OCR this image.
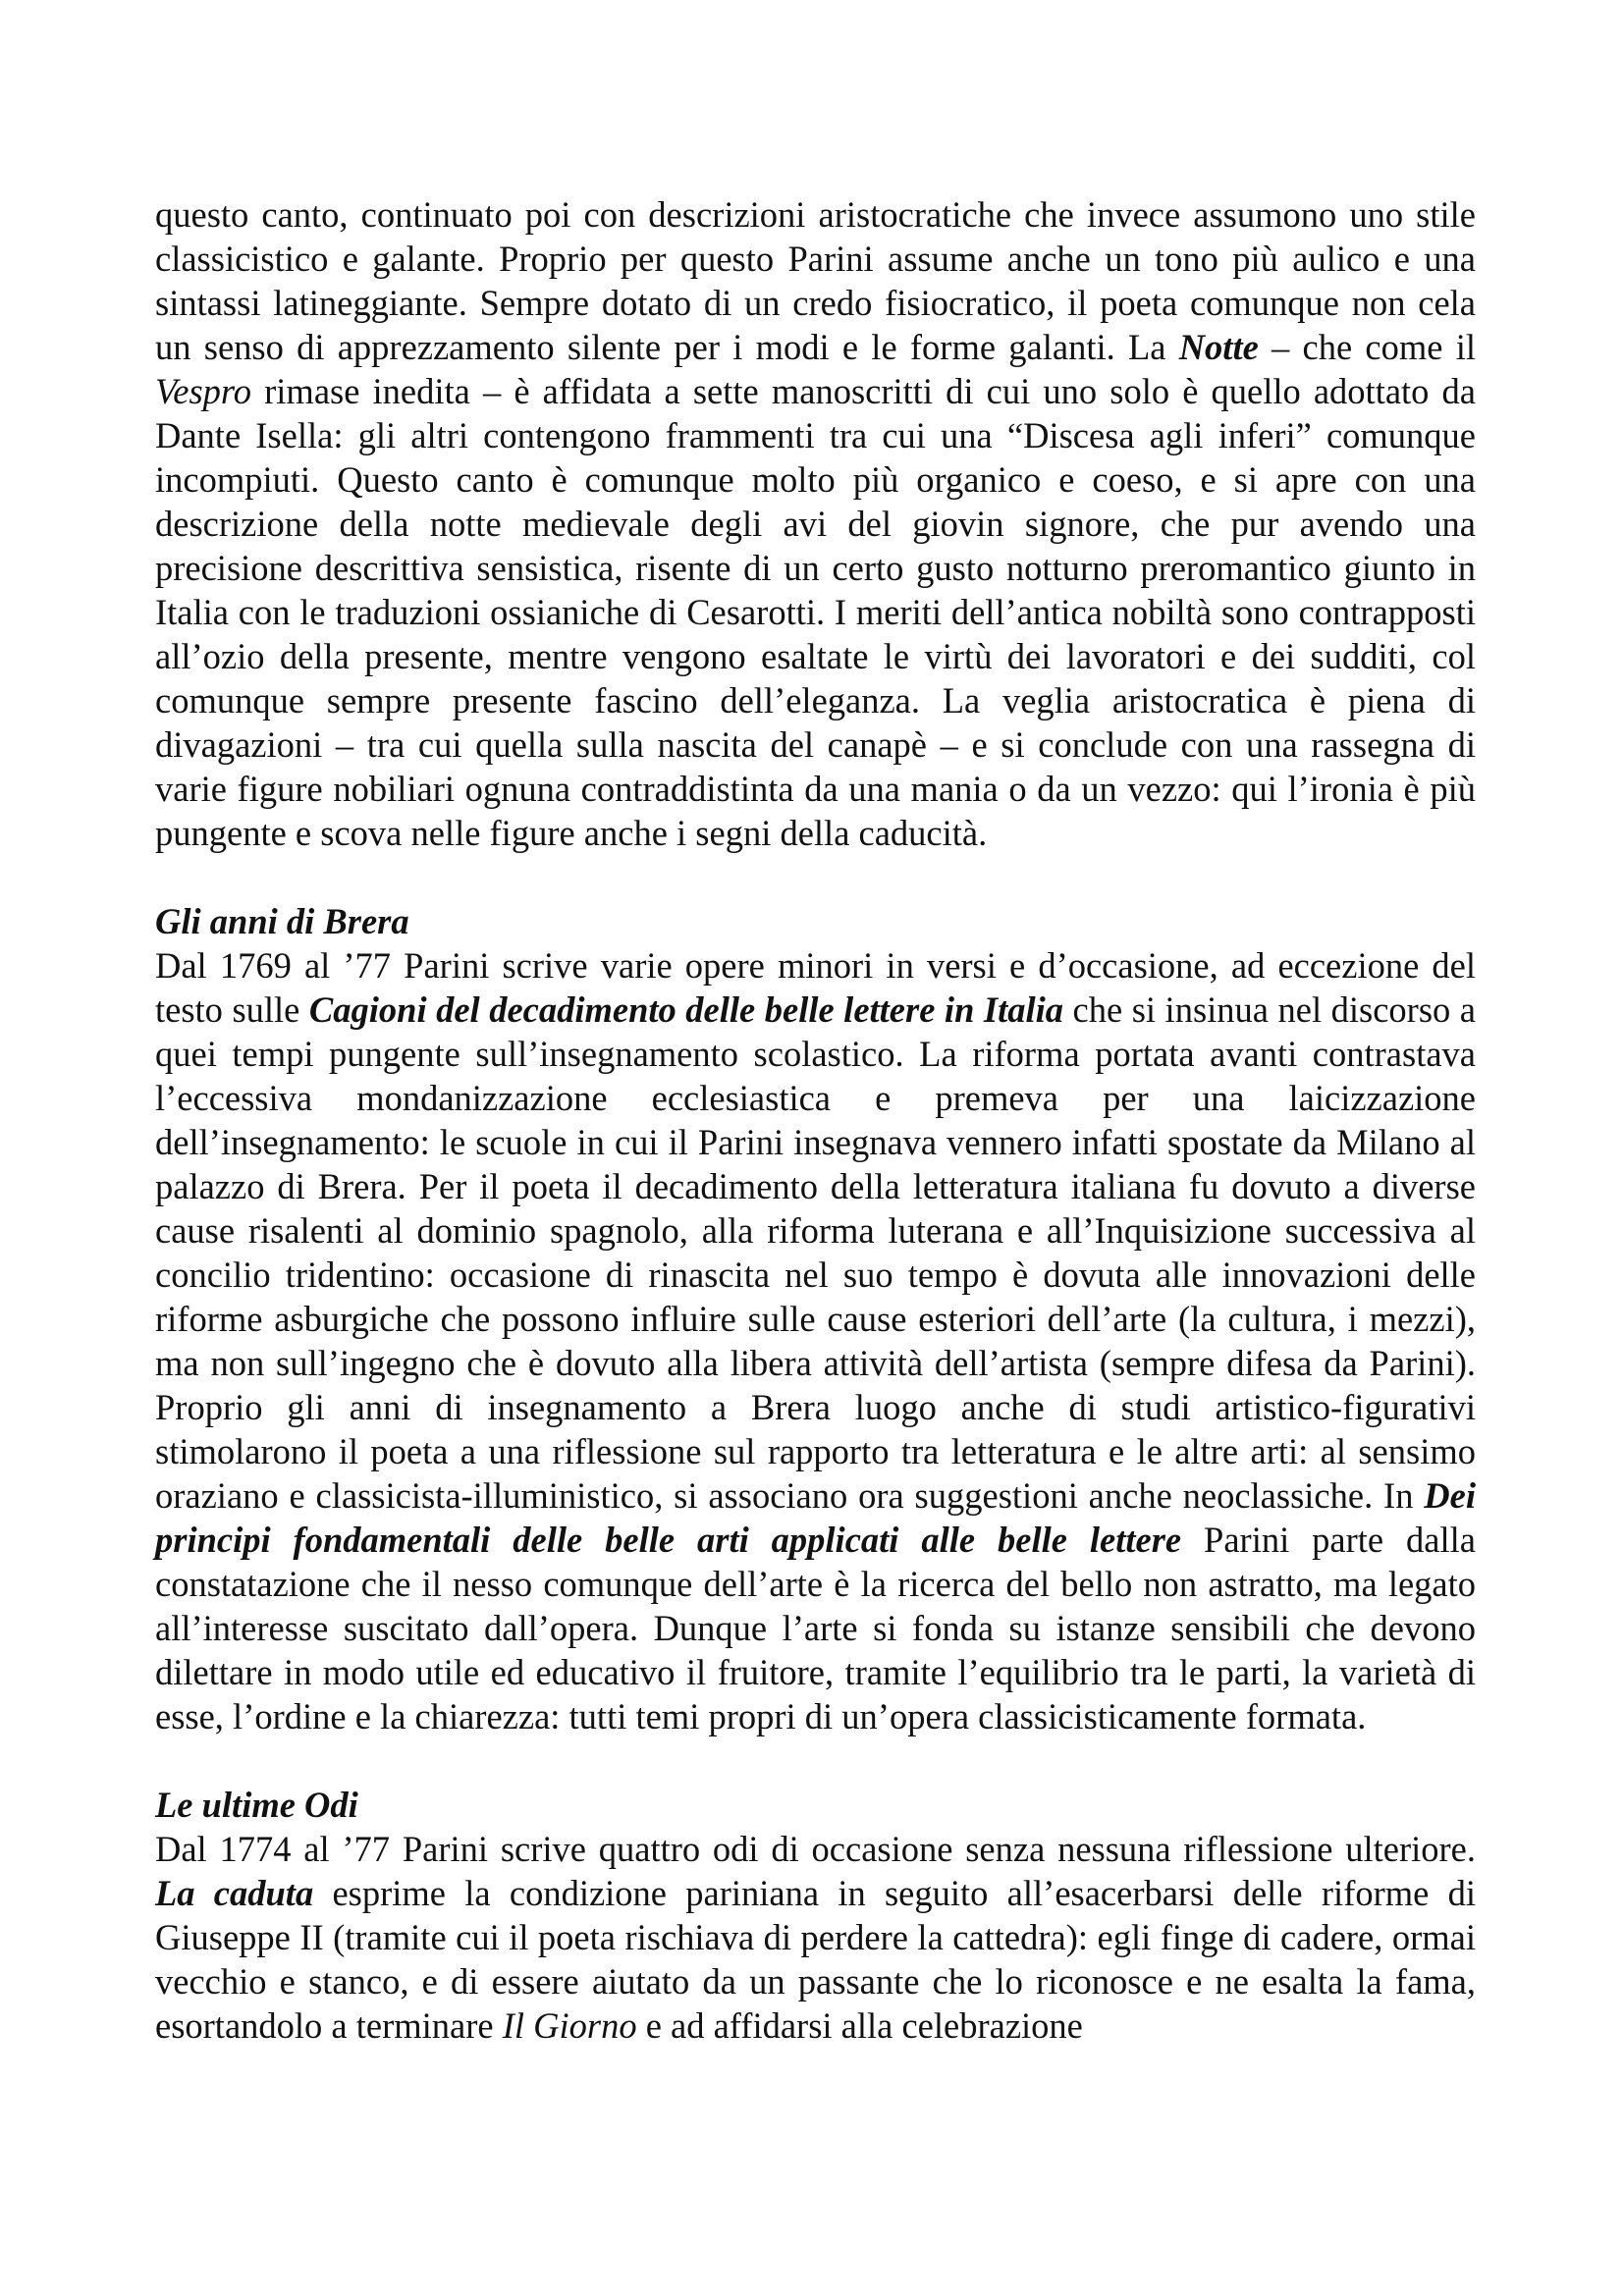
questo canto, continuato poi con descrizioni aristocratiche che invece assumono uno stile classicistico e galante. Proprio per questo Parini assume anche un tono più aulico e una sintassi latineggiante. Sempre dotato di un credo fisiocratico, il poeta comunque non cela un senso di apprezzamento silente per i modi e le forme galanti. La Notte – che come il Vespro rimase inedita – è affidata a sette manoscritti di cui uno solo è quello adottato da Dante Isella: gli altri contengono frammenti tra cui una “Discesa agli inferi” comunque incompiuti. Questo canto è comunque molto più organico e coeso, e si apre con una descrizione della notte medievale degli avi del giovin signore, che pur avendo una precisione descrittiva sensistica, risente di un certo gusto notturno preromantico giunto in Italia con le traduzioni ossianiche di Cesarotti. I meriti dell’antica nobiltà sono contrapposti all’ozio della presente, mentre vengono esaltate le virtù dei lavoratori e dei sudditi, col comunque sempre presente fascino dell’eleganza. La veglia aristocratica è piena di divagazioni – tra cui quella sulla nascita del canapè – e si conclude con una rassegna di varie figure nobiliari ognuna contraddistinta da una mania o da un vezzo: qui l’ironia è più pungente e scova nelle figure anche i segni della caducità.

Gli anni di Brera

Dal 1769 al ’77 Parini scrive varie opere minori in versi e d’occasione, ad eccezione del testo sulle Cagioni del decadimento delle belle lettere in Italia che si insinua nel discorso a quei tempi pungente sull’insegnamento scolastico. La riforma portata avanti contrastava l’eccessiva mondanizzazione ecclesiastica e premeva per una laicizzazione dell’insegnamento: le scuole in cui il Parini insegnava vennero infatti spostate da Milano al palazzo di Brera. Per il poeta il decadimento della letteratura italiana fu dovuto a diverse cause risalenti al dominio spagnolo, alla riforma luterana e all’Inquisizione successiva al concilio tridentino: occasione di rinascita nel suo tempo è dovuta alle innovazioni delle riforme asburgiche che possono influire sulle cause esteriori dell’arte (la cultura, i mezzi), ma non sull’ingegno che è dovuto alla libera attività dell’artista (sempre difesa da Parini). Proprio gli anni di insegnamento a Brera luogo anche di studi artistico-figurativi stimolarono il poeta a una riflessione sul rapporto tra letteratura e le altre arti: al sensimo oraziano e classicista-illuministico, si associano ora suggestioni anche neoclassiche. In Dei principi fondamentali delle belle arti applicati alle belle lettere Parini parte dalla constatazione che il nesso comunque dell’arte è la ricerca del bello non astratto, ma legato all’interesse suscitato dall’opera. Dunque l’arte si fonda su istanze sensibili che devono dilettare in modo utile ed educativo il fruitore, tramite l’equilibrio tra le parti, la varietà di esse, l’ordine e la chiarezza: tutti temi propri di un’opera classicisticamente formata.

Le ultime Odi

Dal 1774 al ’77 Parini scrive quattro odi di occasione senza nessuna riflessione ulteriore. La caduta esprime la condizione pariniana in seguito all’esacerbarsi delle riforme di Giuseppe II (tramite cui il poeta rischiava di perdere la cattedra): egli finge di cadere, ormai vecchio e stanco, e di essere aiutato da un passante che lo riconosce e ne esalta la fama, esortandolo a terminare Il Giorno e ad affidarsi alla celebrazione
